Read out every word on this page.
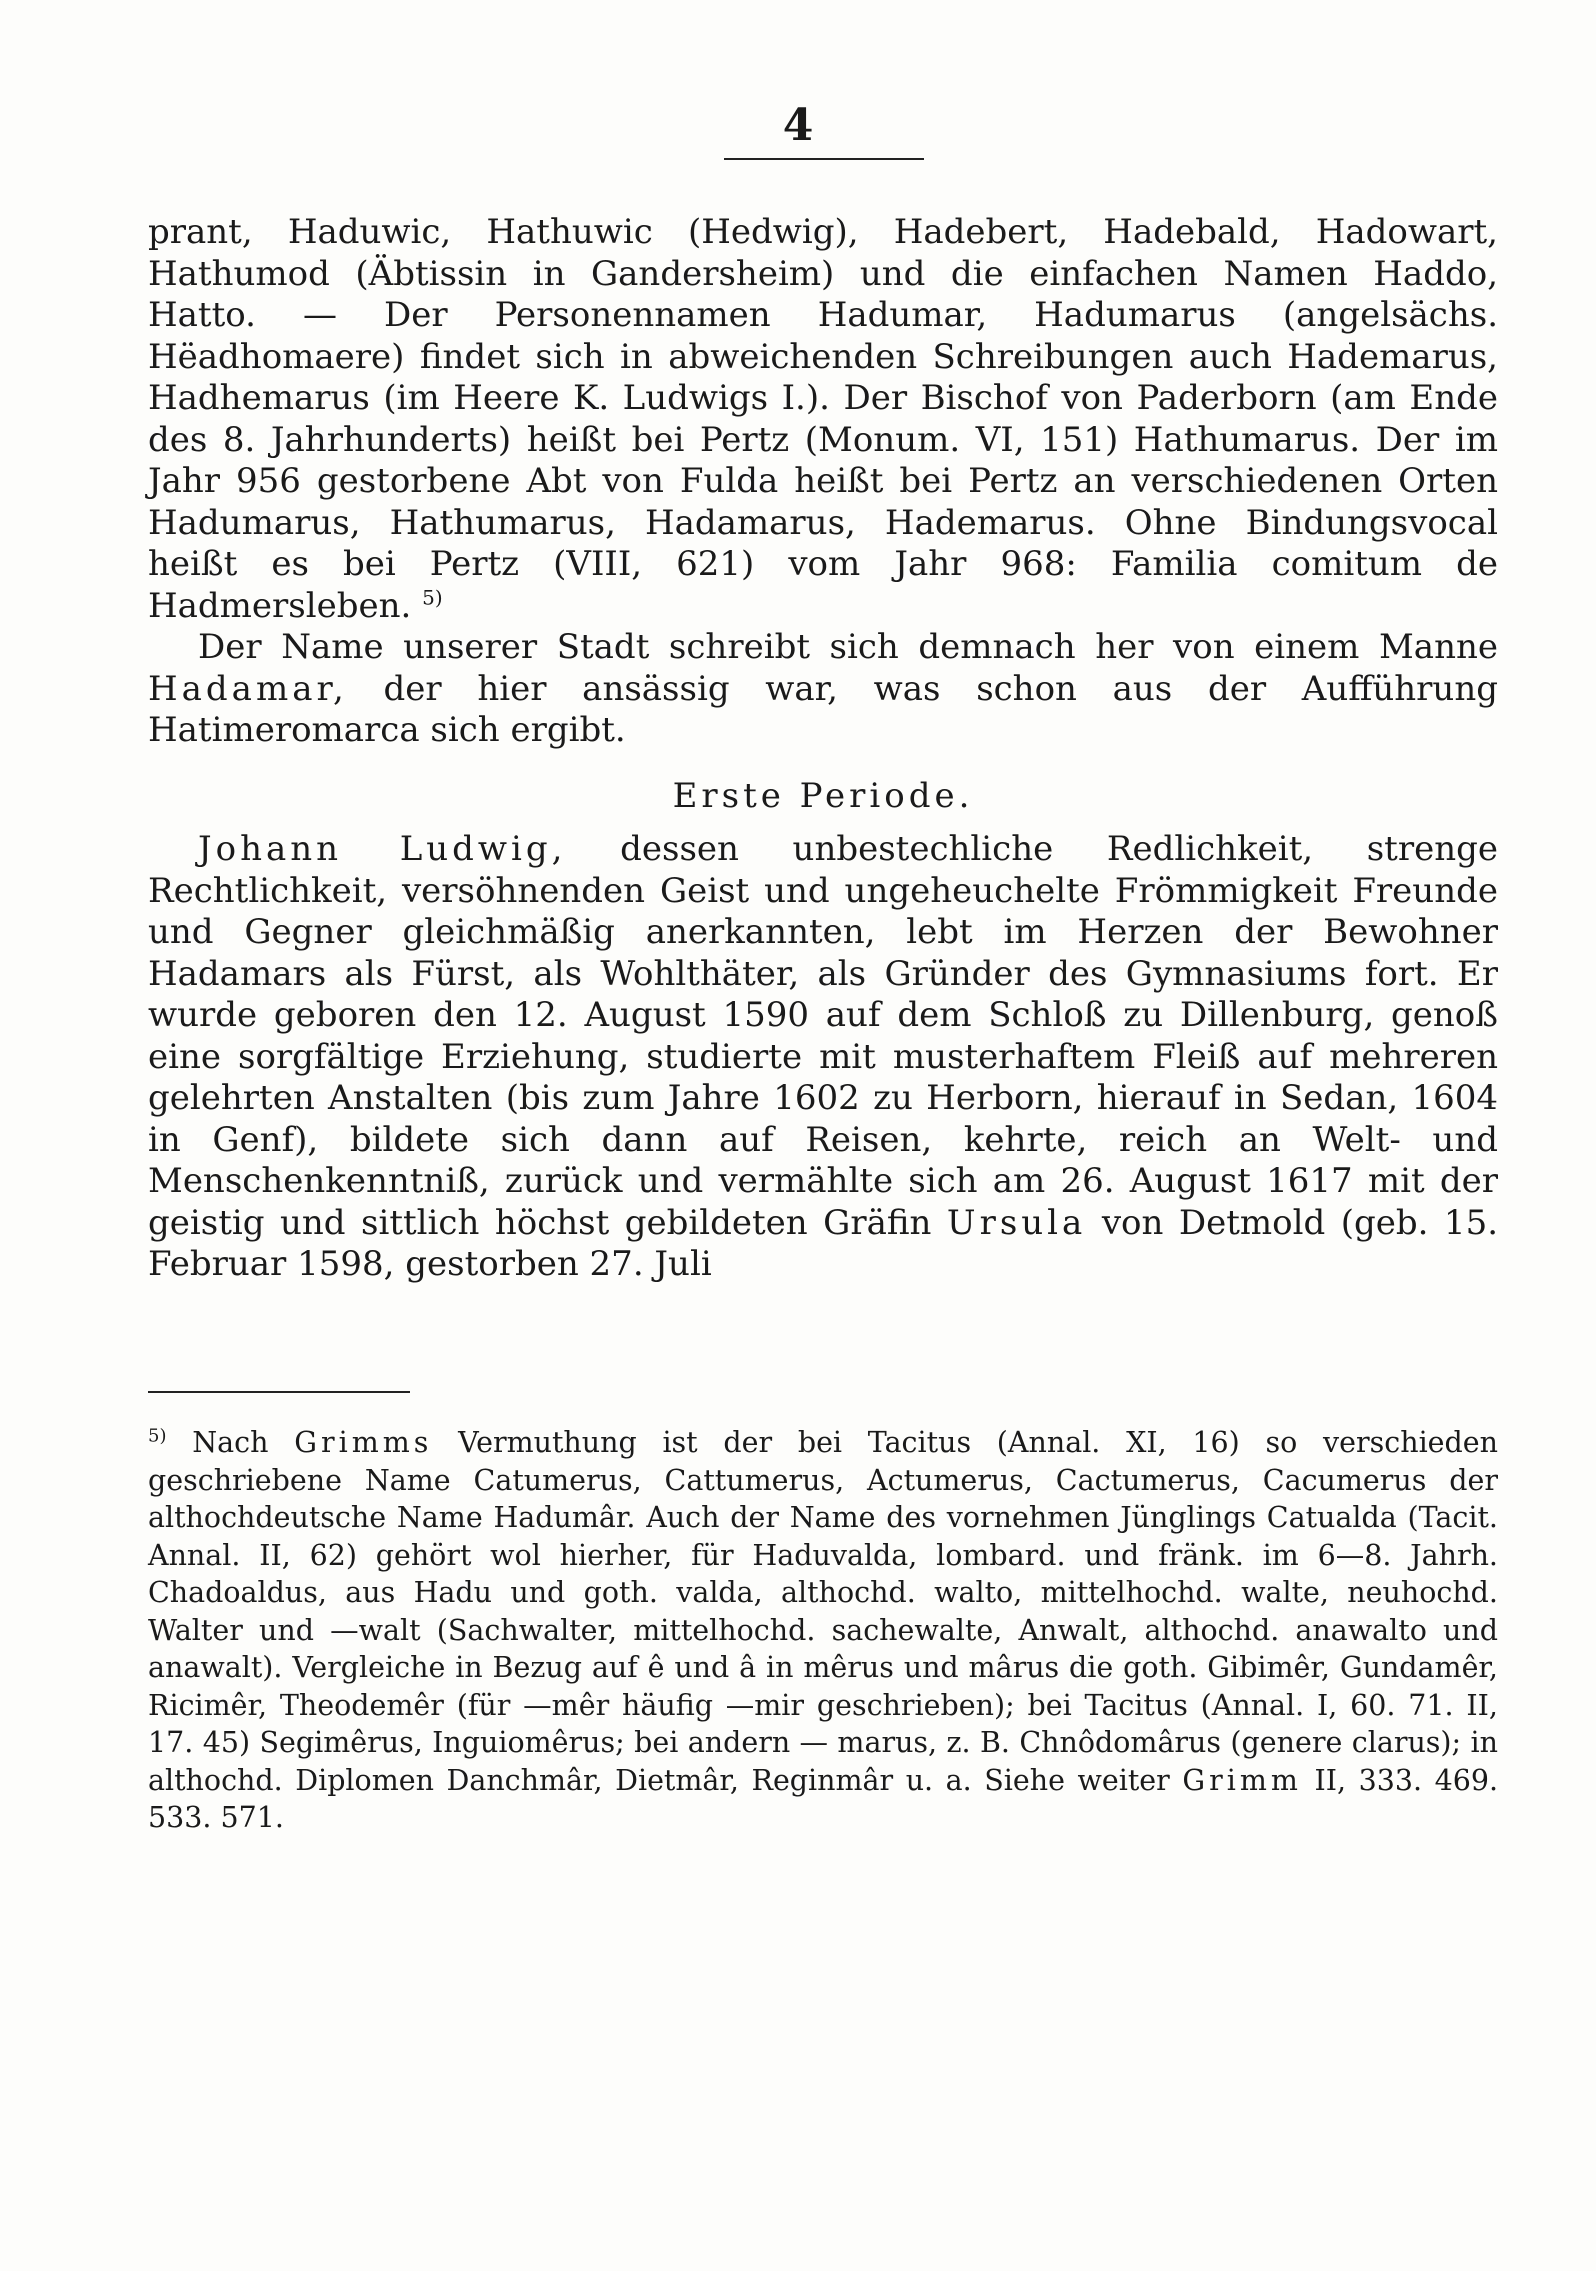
4

prant, Haduwic, Hathuwic (Hedwig), Hadebert, Hadebald, Hadowart, Hathumod (Äbtissin in Gandersheim) und die einfachen Namen Haddo, Hatto. — Der Personennamen Hadumar, Hadumarus (angelsächs. Hëadhomaere) findet sich in abweichenden Schreibungen auch Hademarus, Hadhemarus (im Heere K. Ludwigs I.). Der Bischof von Paderborn (am Ende des 8. Jahrhunderts) heißt bei Pertz (Monum. VI, 151) Hathumarus. Der im Jahr 956 gestorbene Abt von Fulda heißt bei Pertz an verschiedenen Orten Hadumarus, Hathumarus, Hadamarus, Hademarus. Ohne Bindungsvocal heißt es bei Pertz (VIII, 621) vom Jahr 968: Familia comitum de Hadmersleben. $^{5)}$

Der Name unserer Stadt schreibt sich demnach her von einem Manne Hadamar, der hier ansässig war, was schon aus der Aufführung Hatimeromarca sich ergibt.

Erste Periode.

Johann Ludwig, dessen unbestechliche Redlichkeit, strenge Rechtlichkeit, versöhnenden Geist und ungeheuchelte Frömmigkeit Freunde und Gegner gleichmäßig anerkannten, lebt im Herzen der Bewohner Hadamars als Fürst, als Wohlthäter, als Gründer des Gymnasiums fort. Er wurde geboren den 12. August 1590 auf dem Schloß zu Dillenburg, genoß eine sorgfältige Erziehung, studierte mit musterhaftem Fleiß auf mehreren gelehrten Anstalten (bis zum Jahre 1602 zu Herborn, hierauf in Sedan, 1604 in Genf), bildete sich dann auf Reisen, kehrte, reich an Welt- und Menschenkenntniß, zurück und vermählte sich am 26. August 1617 mit der geistig und sittlich höchst gebildeten Gräfin Ursula von Detmold (geb. 15. Februar 1598, gestorben 27. Juli

$^{5)}$ Nach Grimms Vermuthung ist der bei Tacitus (Annal. XI, 16) so verschieden geschriebene Name Catumerus, Cattumerus, Actumerus, Cactumerus, Cacumerus der althochdeutsche Name Hadumâr. Auch der Name des vornehmen Jünglings Catualda (Tacit. Annal. II, 62) gehört wol hierher, für Haduvalda, lombard. und fränk. im 6—8. Jahrh. Chadoaldus, aus Hadu und goth. valda, althochd. walto, mittelhochd. walte, neuhochd. Walter und —walt (Sachwalter, mittelhochd. sachewalte, Anwalt, althochd. anawalto und anawalt). Vergleiche in Bezug auf ê und â in mêrus und mârus die goth. Gibimêr, Gundamêr, Ricimêr, Theodemêr (für —mêr häufig —mir geschrieben); bei Tacitus (Annal. I, 60. 71. II, 17. 45) Segimêrus, Inguiomêrus; bei andern — marus, z. B. Chnôdomârus (genere clarus); in althochd. Diplomen Danchmâr, Dietmâr, Reginmâr u. a. Siehe weiter Grimm II, 333. 469. 533. 571.
